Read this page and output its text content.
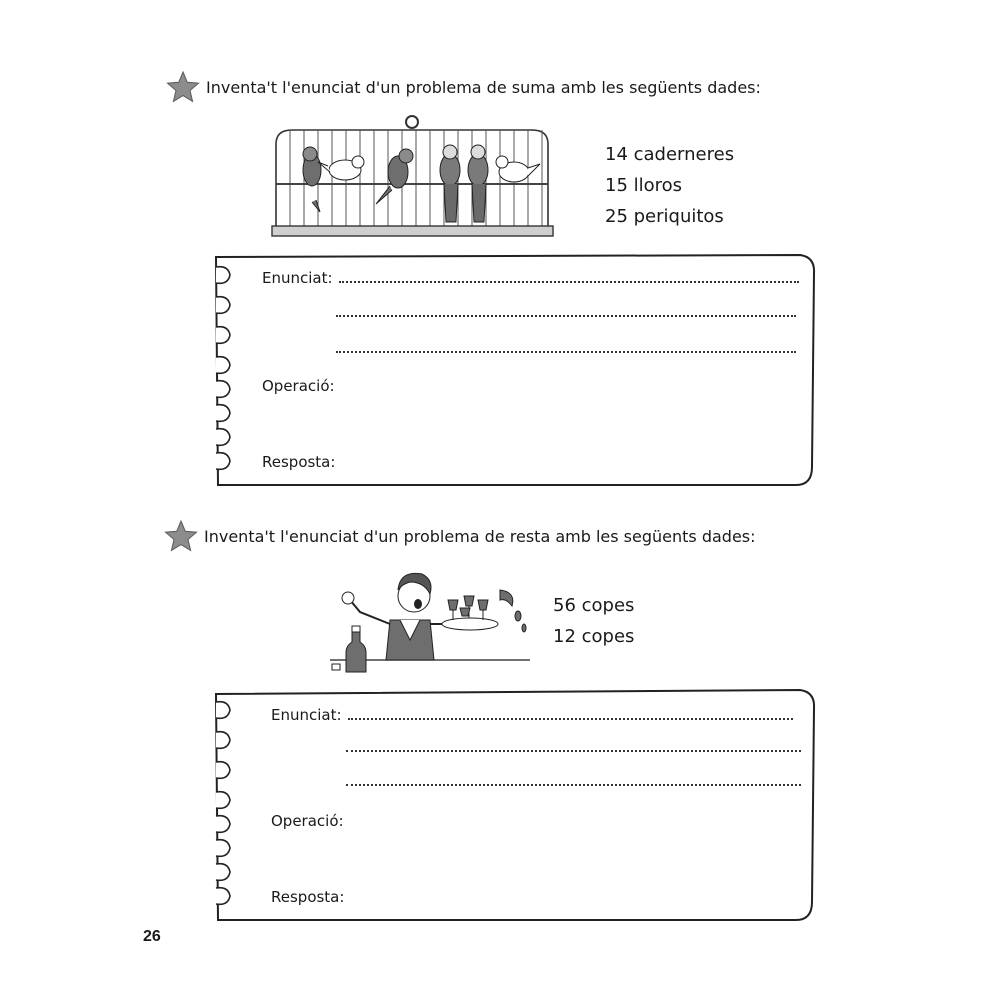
Inventa't l'enunciat d'un problema de suma amb les següents dades:
14 caderneres
15 lloros
25 periquitos
Enunciat:
Operació:
Resposta:
Inventa't l'enunciat d'un problema de resta amb les següents dades:
56 copes
12 copes
Enunciat:
Operació:
Resposta:
26
